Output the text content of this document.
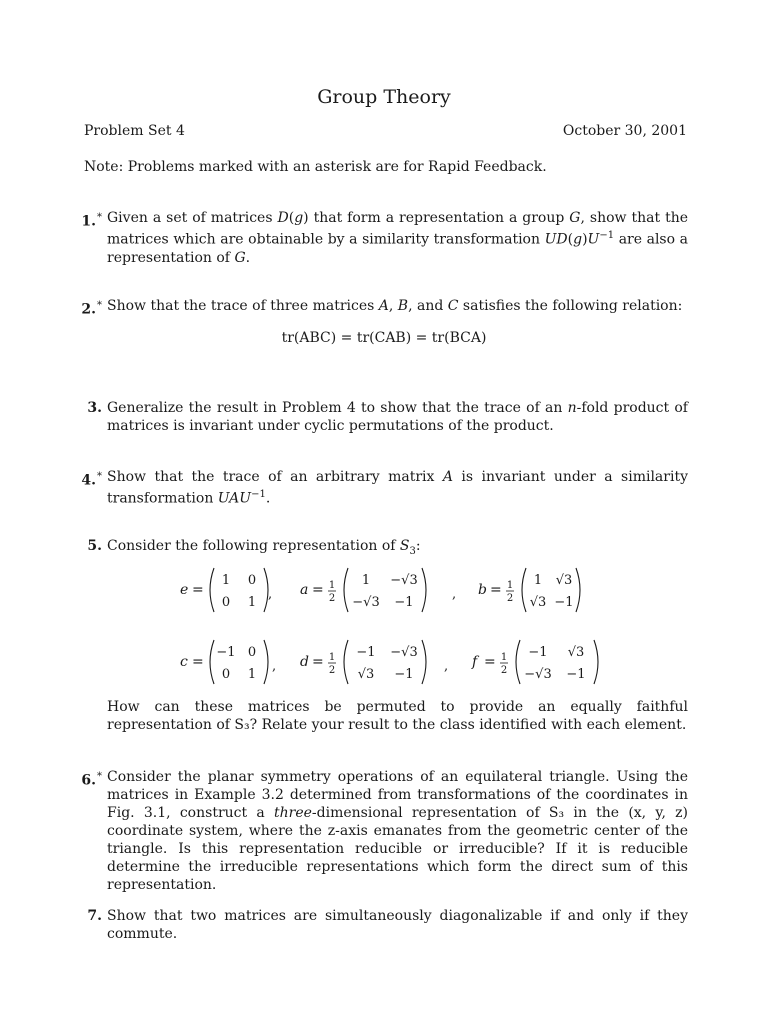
Group Theory
Problem Set 4	October 30, 2001
Note: Problems marked with an asterisk are for Rapid Feedback.
1.* Given a set of matrices D(g) that form a representation a group G, show that the matrices which are obtainable by a similarity transformation $UD(g)U^{-1}$ are also a representation of G.
2.* Show that the trace of three matrices A, B, and C satisfies the following relation:
tr(ABC) = tr(CAB) = tr(BCA)
3. Generalize the result in Problem 4 to show that the trace of an n-fold product of matrices is invariant under cyclic permutations of the product.
4.* Show that the trace of an arbitrary matrix A is invariant under a similarity transformation $UAU^{-1}$.
5. Consider the following representation of $S_3$:
e =
1 0
0 1
a = 1
2
1 −√3
−√3 −1
b = 1
2
1 √3
√3 −1
c =
−1 0
0 1
d = 1
2
−1 −√3
√3 −1
f = 1
2
−1 √3
−√3 −1
,
,	,
,
How can these matrices be permuted to provide an equally faithful representation of S₃? Relate your result to the class identified with each element.
6.* Consider the planar symmetry operations of an equilateral triangle. Using the matrices in Example 3.2 determined from transformations of the coordinates in Fig. 3.1, construct a three-dimensional representation of S₃ in the (x, y, z) coordinate system, where the z-axis emanates from the geometric center of the triangle. Is this representation reducible or irreducible? If it is reducible determine the irreducible representations which form the direct sum of this representation.
7. Show that two matrices are simultaneously diagonalizable if and only if they commute.
